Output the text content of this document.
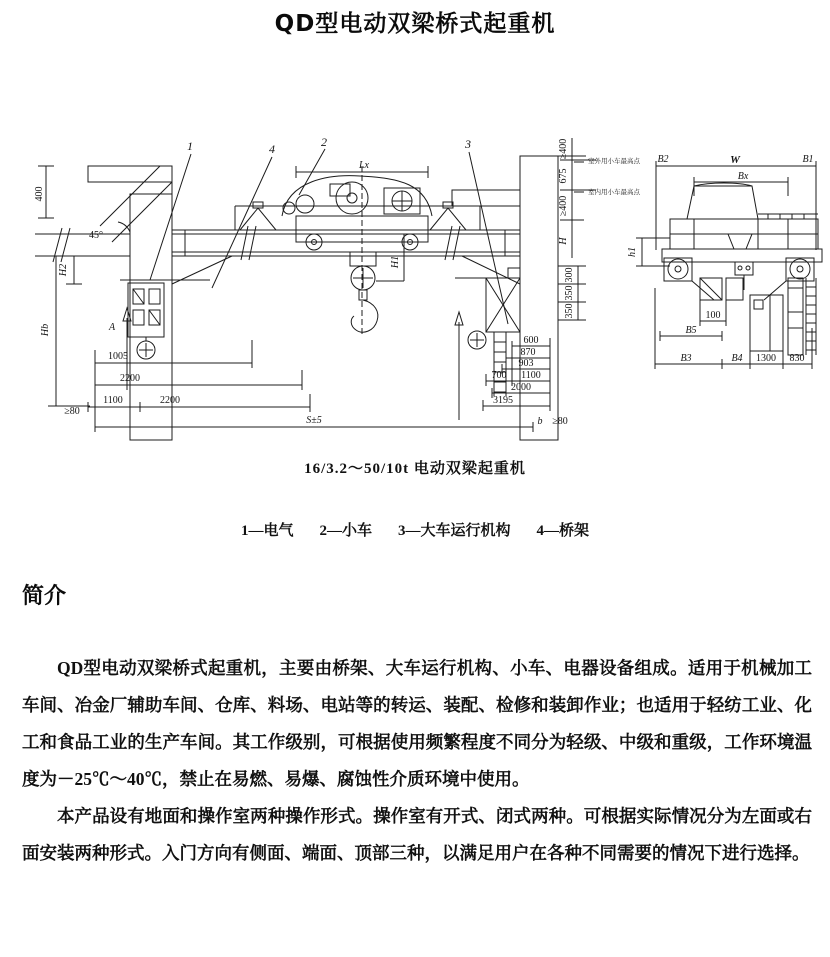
QD型电动双梁桥式起重机
45°
400
≥400
675
≥400
H
室外用小车最高点
室内用小车最高点
300
350
350
Lx
H1
A
H2
Hb
1005
2200
1100	2200
≥80
S±5	b ≥80
600
870
903
700 1100
2000
3195
1	4	2	3
B2	W	B1
Bx
100
B5
B3	B4 1300 830
h1
16/3.2～50/10t 电动双梁起重机
1—电气 2—小车 3—大车运行机构 4—桥架
简介

QD型电动双梁桥式起重机，主要由桥架、大车运行机构、小车、电器设备组成。适用于机械加工车间、冶金厂辅助车间、仓库、料场、电站等的转运、装配、检修和装卸作业；也适用于轻纺工业、化工和食品工业的生产车间。其工作级别，可根据使用频繁程度不同分为轻级、中级和重级，工作环境温度为－25℃～40℃，禁止在易燃、易爆、腐蚀性介质环境中使用。

本产品设有地面和操作室两种操作形式。操作室有开式、闭式两种。可根据实际情况分为左面或右面安装两种形式。入门方向有侧面、端面、顶部三种，以满足用户在各种不同需要的情况下进行选择。
